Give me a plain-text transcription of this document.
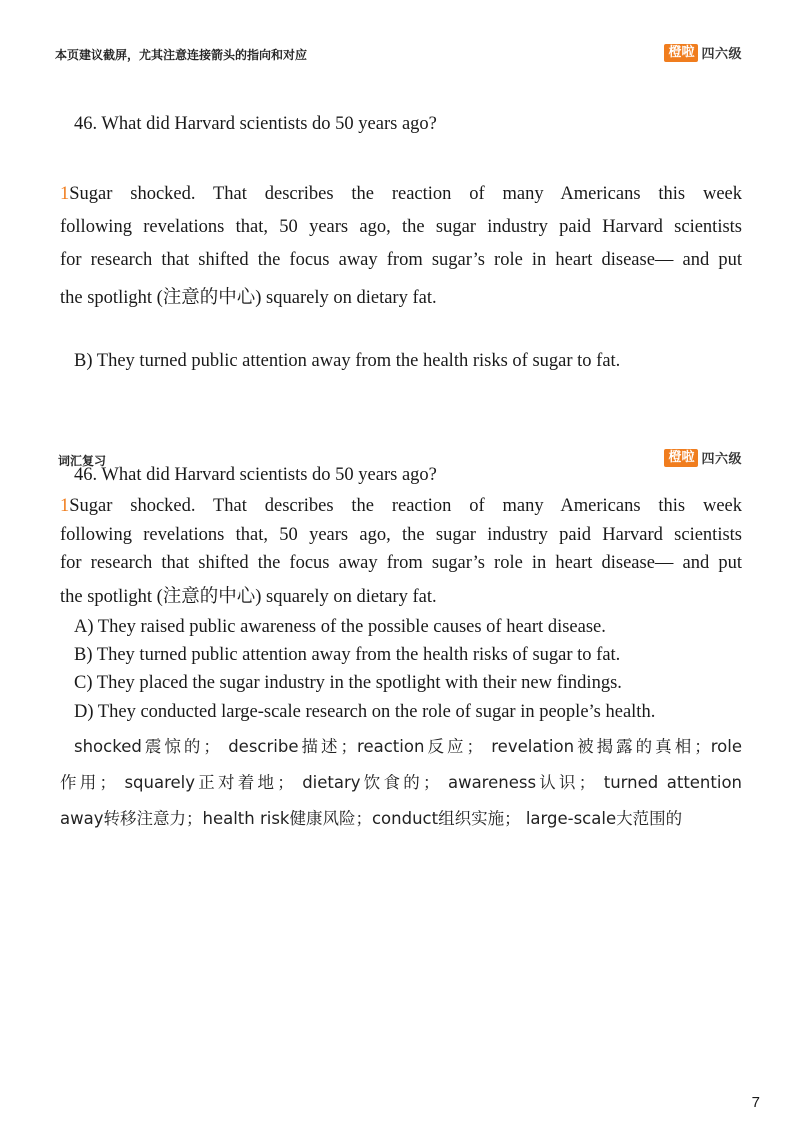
本页建议截屏，尤其注意连接箭头的指向和对应	橙啦 四六级
46. What did Harvard scientists do 50 years ago?
1Sugar shocked. That describes the reaction of many Americans this week
following revelations that, 50 years ago, the sugar industry paid Harvard scientists
for research that shifted the focus away from sugar’s role in heart disease— and put
the spotlight (注意的中心) squarely on dietary fat.
B) They turned public attention away from the health risks of sugar to fat.
词汇复习	橙啦 四六级
46. What did Harvard scientists do 50 years ago?
1Sugar shocked. That describes the reaction of many Americans this week
following revelations that, 50 years ago, the sugar industry paid Harvard scientists
for research that shifted the focus away from sugar’s role in heart disease— and put
the spotlight (注意的中心) squarely on dietary fat.
A) They raised public awareness of the possible causes of heart disease.
B) They turned public attention away from the health risks of sugar to fat.
C) They placed the sugar industry in the spotlight with their new findings.
D) They conducted large-scale research on the role of sugar in people’s health.
shocked震惊的； describe描述；reaction反应； revelation被揭露的真相；role
作用； squarely正对着地； dietary饮食的； awareness认识； turned attention
away转移注意力；health risk健康风险；conduct组织实施； large-scale大范围的
7
